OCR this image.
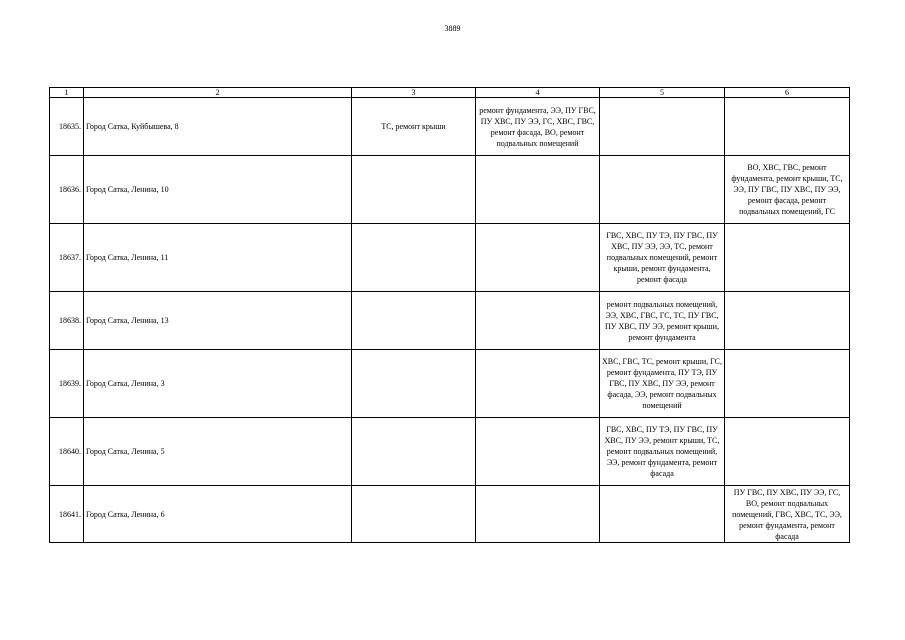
3889
1	2	3	4	5	6
18635.	Город Сатка, Куйбышева, 8	ТС, ремонт крыши	ремонт фундамента, ЭЭ, ПУ ГВС, ПУ ХВС, ПУ ЭЭ, ГС, ХВС, ГВС, ремонт фасада, ВО, ремонт подвальных помещений		
18636.	Город Сатка, Ленина, 10				ВО, ХВС, ГВС, ремонт фундамента, ремонт крыши, ТС, ЭЭ, ПУ ГВС, ПУ ХВС, ПУ ЭЭ, ремонт фасада, ремонт подвальных помещений, ГС
18637.	Город Сатка, Ленина, 11			ГВС, ХВС, ПУ ТЭ, ПУ ГВС, ПУ ХВС, ПУ ЭЭ, ЭЭ, ТС, ремонт подвальных помещений, ремонт крыши, ремонт фундамента, ремонт фасада	
18638.	Город Сатка, Ленина, 13			ремонт подвальных помещений, ЭЭ, ХВС, ГВС, ГС, ТС, ПУ ГВС, ПУ ХВС, ПУ ЭЭ, ремонт крыши, ремонт фундамента	
18639.	Город Сатка, Ленина, 3			ХВС, ГВС, ТС, ремонт крыши, ГС, ремонт фундамента, ПУ ТЭ, ПУ ГВС, ПУ ХВС, ПУ ЭЭ, ремонт фасада, ЭЭ, ремонт подвальных помещений	
18640.	Город Сатка, Ленина, 5			ГВС, ХВС, ПУ ТЭ, ПУ ГВС, ПУ ХВС, ПУ ЭЭ, ремонт крыши, ТС, ремонт подвальных помещений, ЭЭ, ремонт фундамента, ремонт фасада	
18641.	Город Сатка, Ленина, 6				ПУ ГВС, ПУ ХВС, ПУ ЭЭ, ГС, ВО, ремонт подвальных помещений, ГВС, ХВС, ТС, ЭЭ, ремонт фундамента, ремонт фасада
